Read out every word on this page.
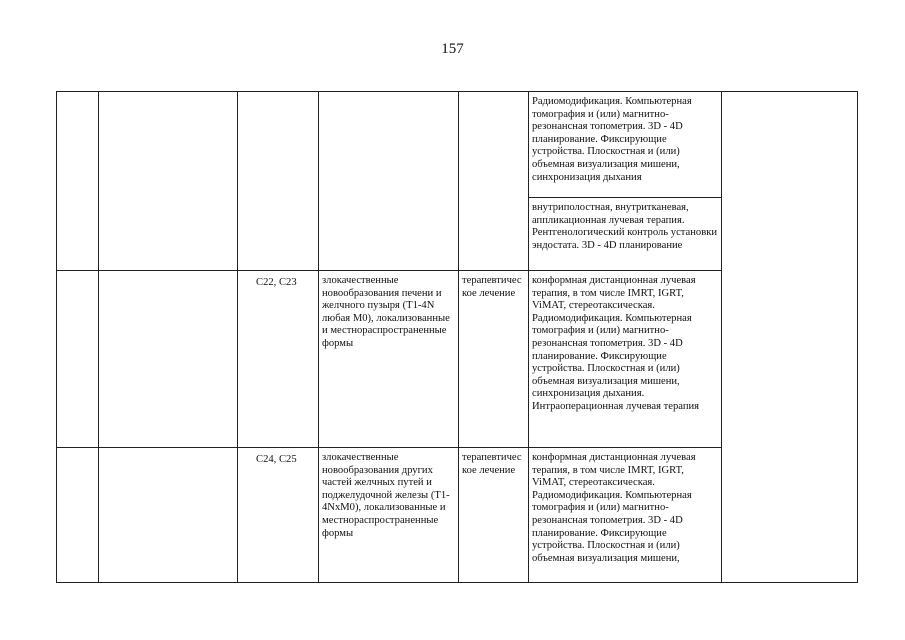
157
					Радиомодификация. Компьютерная томография и (или) магнитно-резонансная топометрия. 3D - 4D планирование. Фиксирующие устройства. Плоскостная и (или) объемная визуализация мишени, синхронизация дыхания	
					внутриполостная, внутритканевая, аппликационная лучевая терапия. Рентгенологический контроль установки эндостата. 3D - 4D планирование	
		C22, C23	злокачественные новообразования печени и желчного пузыря (T1-4N любая M0), локализованные и местнораспространенные формы	терапевтическое лечение	конформная дистанционная лучевая терапия, в том числе IMRT, IGRT, ViMAT, стереотаксическая. Радиомодификация. Компьютерная томография и (или) магнитно-резонансная топометрия. 3D - 4D планирование. Фиксирующие устройства. Плоскостная и (или) объемная визуализация мишени, синхронизация дыхания. Интраоперационная лучевая терапия	
		C24, C25	злокачественные новообразования других частей желчных путей и поджелудочной железы (T1-4NxM0), локализованные и местнораспространенные формы	терапевтическое лечение	конформная дистанционная лучевая терапия, в том числе IMRT, IGRT, ViMAT, стереотаксическая. Радиомодификация. Компьютерная томография и (или) магнитно-резонансная топометрия. 3D - 4D планирование. Фиксирующие устройства. Плоскостная и (или) объемная визуализация мишени,	
